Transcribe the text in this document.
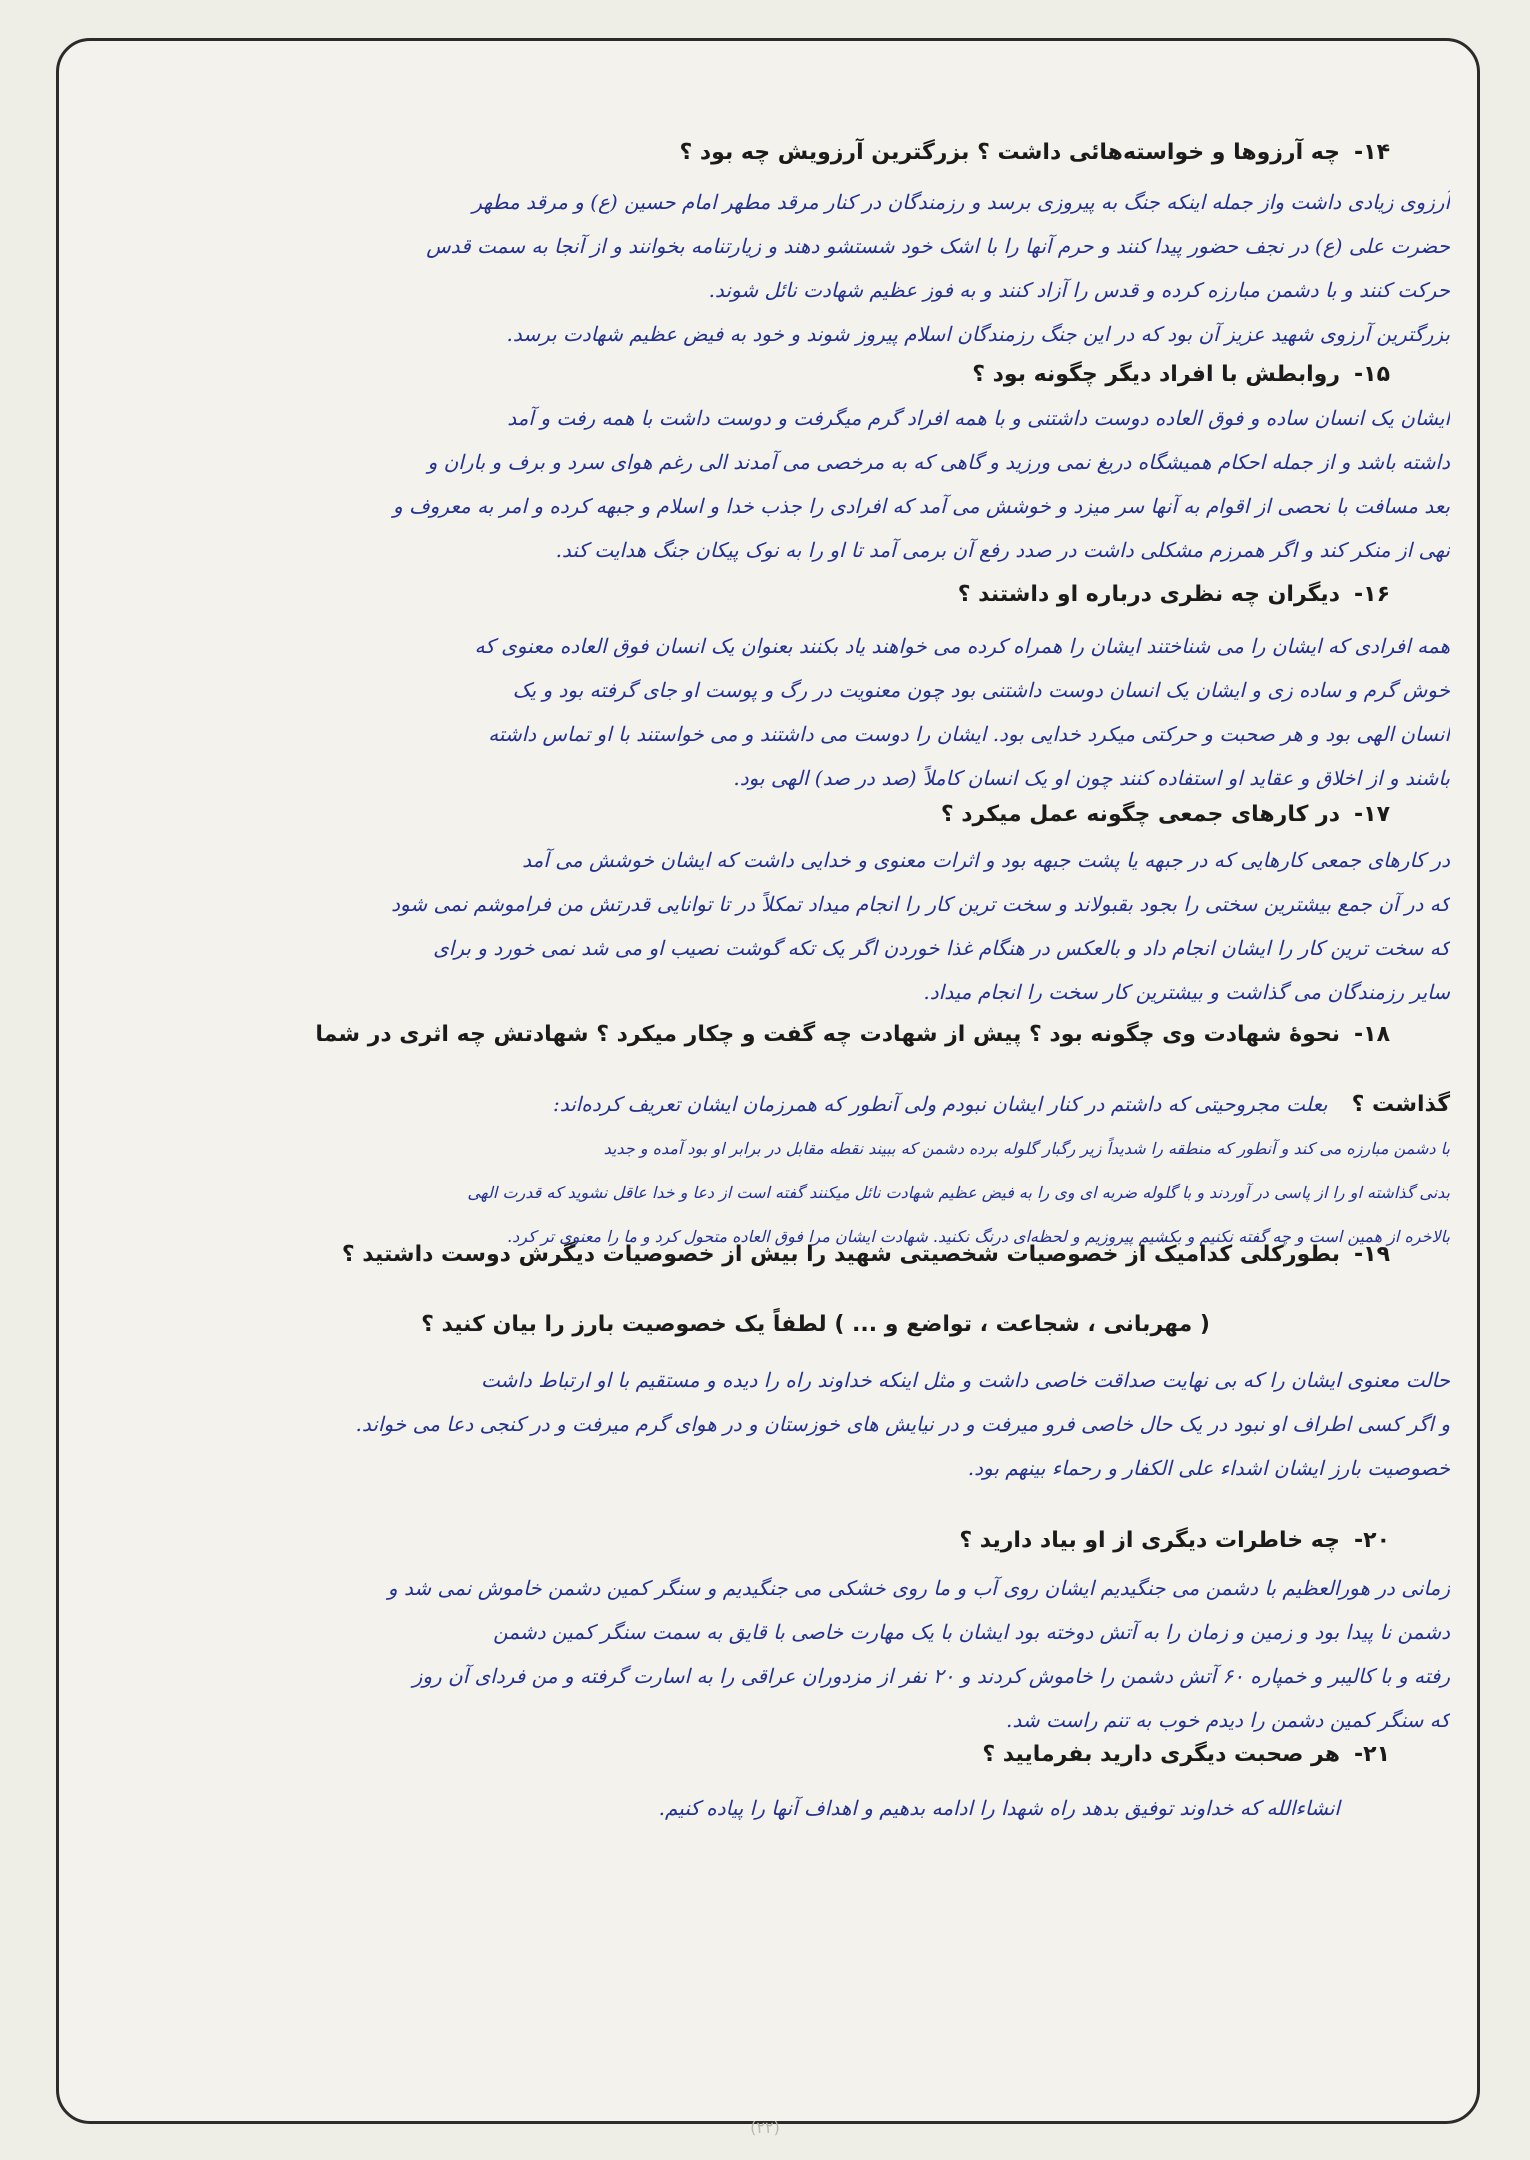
۱۴-چه آرزوها و خواسته‌هائی داشت ؟ بزرگترین آرزویش چه بود ؟
آرزوی زیادی داشت واز جمله اینکه جنگ به پیروزی برسد و رزمندگان در کنار مرقد مطهر امام حسین (ع) و مرقد مطهر
حضرت علی (ع) در نجف حضور پیدا کنند و حرم آنها را با اشک خود شستشو دهند و زیارتنامه بخوانند و از آنجا به سمت قدس
حرکت کنند و با دشمن مبارزه کرده و قدس را آزاد کنند و به فوز عظیم شهادت نائل شوند.
بزرگترین آرزوی شهید عزیز آن بود که در این جنگ رزمندگان اسلام پیروز شوند و خود به فیض عظیم شهادت برسد.
۱۵-روابطش با افراد دیگر چگونه بود ؟
ایشان یک انسان ساده و فوق العاده دوست داشتنی و با همه افراد گرم میگرفت و دوست داشت با همه رفت و آمد
داشته باشد و از جمله احکام همیشگاه دریغ نمی ورزید و گاهی که به مرخصی می آمدند الی رغم هوای سرد و برف و باران و
بعد مسافت با نحصی از اقوام به آنها سر میزد و خوشش می آمد که افرادی را جذب خدا و اسلام و جبهه کرده و امر به معروف و
نهی از منکر کند و اگر همرزم مشکلی داشت در صدد رفع آن برمی آمد تا او را به نوک پیکان جنگ هدایت کند.
۱۶-دیگران چه نظری درباره او داشتند ؟
همه افرادی که ایشان را می شناختند ایشان را همراه کرده می خواهند یاد بکنند بعنوان یک انسان فوق العاده معنوی که
خوش گرم و ساده زی و ایشان یک انسان دوست داشتنی بود چون معنویت در رگ و پوست او جای گرفته بود و یک
انسان الهی بود و هر صحبت و حرکتی میکرد خدایی بود. ایشان را دوست می داشتند و می خواستند با او تماس داشته
باشند و از اخلاق و عقاید او استفاده کنند چون او یک انسان کاملاً (صد در صد) الهی بود.
۱۷-در کارهای جمعی چگونه عمل میکرد ؟
در کارهای جمعی کارهایی که در جبهه یا پشت جبهه بود و اثرات معنوی و خدایی داشت که ایشان خوشش می آمد
که در آن جمع بیشترین سختی را بجود بقبولاند و سخت ترین کار را انجام میداد تمکلاً در تا توانایی قدرتش من فراموشم نمی شود
که سخت ترین کار را ایشان انجام داد و بالعکس در هنگام غذا خوردن اگر یک تکه گوشت نصیب او می شد نمی خورد و برای
سایر رزمندگان می گذاشت و بیشترین کار سخت را انجام میداد.
۱۸-نحوهٔ شهادت وی چگونه بود ؟ پیش از شهادت چه گفت و چکار میکرد ؟ شهادتش چه اثری در شما
گذاشت ؟بعلت مجروحیتی که داشتم در کنار ایشان نبودم ولی آنطور که همرزمان ایشان تعریف کرده‌اند:
با دشمن مبارزه می کند و آنطور که منطقه را شدیداً زیر رگبار گلوله برده دشمن که ببیند نقطه مقابل در برابر او بود آمده و جدید
بدنی گذاشته او را از پاسی در آوردند و با گلوله ضربه ای وی را به فیض عظیم شهادت نائل میکنند گفته است از دعا و خدا عاقل نشوید که قدرت الهی
بالاخره از همین است و چه گفته نکنیم و بکشیم پیروزیم و لحظه‌ای درنگ نکنید. شهادت ایشان مرا فوق العاده متحول کرد و ما را معنوی تر کرد.
۱۹-بطورکلی کدامیک از خصوصیات شخصیتی شهید را بیش از خصوصیات دیگرش دوست داشتید ؟
( مهربانی ، شجاعت ، تواضع و ... ) لطفاً یک خصوصیت بارز را بیان کنید ؟
حالت معنوی ایشان را که بی نهایت صداقت خاصی داشت و مثل اینکه خداوند راه را دیده و مستقیم با او ارتباط داشت
و اگر کسی اطراف او نبود در یک حال خاصی فرو میرفت و در نیایش های خوزستان و در هوای گرم میرفت و در کنجی دعا می خواند.
خصوصیت بارز ایشان اشداء علی الکفار و رحماء بینهم بود.
۲۰-چه خاطرات دیگری از او بیاد دارید ؟
زمانی در هورالعظیم با دشمن می جنگیدیم ایشان روی آب و ما روی خشکی می جنگیدیم و سنگر کمین دشمن خاموش نمی شد و
دشمن نا پیدا بود و زمین و زمان را به آتش دوخته بود ایشان با یک مهارت خاصی با قایق به سمت سنگر کمین دشمن
رفته و با کالیبر و خمپاره ۶۰ آتش دشمن را خاموش کردند و ۲۰ نفر از مزدوران عراقی را به اسارت گرفته و من فردای آن روز
که سنگر کمین دشمن را دیدم خوب به تنم راست شد.
۲۱-هر صحبت دیگری دارید بفرمایید ؟
انشاءالله که خداوند توفیق بدهد راه شهدا را ادامه بدهیم و اهداف آنها را پیاده کنیم.
(۲۲)
